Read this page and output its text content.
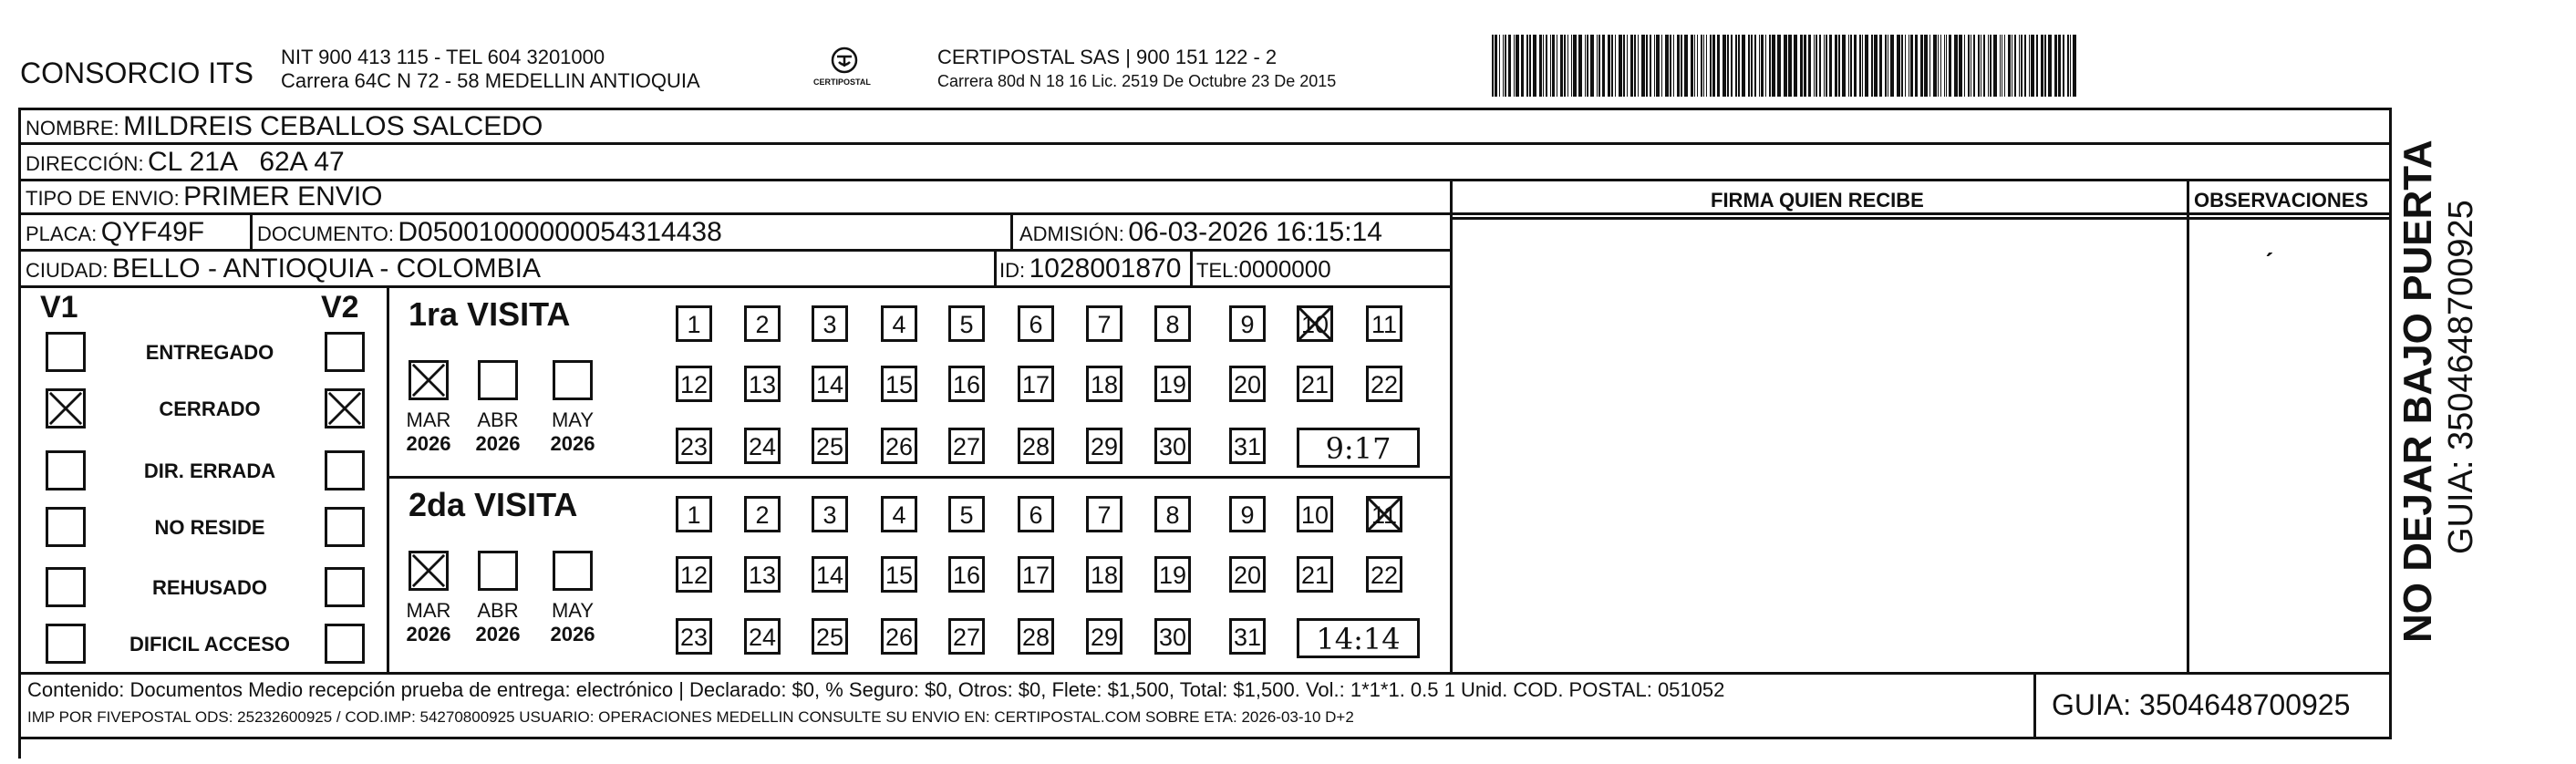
CONSORCIO ITS NIT 900 413 115 - TEL 604 3201000
Carrera 64C N 72 - 58 MEDELLIN ANTIOQUIA	CERTIPOSTAL
CERTIPOSTAL SAS | 900 151 122 - 2
Carrera 80d N 18 16 Lic. 2519 De Octubre 23 De 2015
NOMBRE: MILDREIS CEBALLOS SALCEDO
DIRECCIÓN: CL 21A   62A 47
TIPO DE ENVIO: PRIMER ENVIO
PLACA: QYF49F	DOCUMENTO: D05001000000054314438	ADMISIÓN: 06-03-2026 16:15:14
CIUDAD: BELLO - ANTIOQUIA - COLOMBIA	ID: 1028001870 TEL:0000000
FIRMA QUIEN RECIBE	OBSERVACIONES
ˏ	NO DEJAR BAJO PUERTA GUIA: 3504648700925
V1	V2
ENTREGADO
CERRADO
DIR. ERRADA
NO RESIDE
REHUSADO
DIFICIL ACCESO
1ra VISITA
MAR
2026
ABR
2026
MAY
2026
1	2	3	4	5	6	7	8	9	10 11
12 13 14 15 16 17 18 19 20 21 22
23 24 25 26 27 28 29 30 31	9:17
2da VISITA
MAR
2026
ABR
2026
MAY
2026
1	2	3	4	5	6	7	8	9	10 11
12 13 14 15 16 17 18 19 20 21 22
23 24 25 26 27 28 29 30 31	14:14
Contenido: Documentos Medio recepción prueba de entrega: electrónico | Declarado: $0, % Seguro: $0, Otros: $0, Flete: $1,500, Total: $1,500. Vol.: 1*1*1. 0.5 1 Unid. COD. POSTAL: 051052
IMP POR FIVEPOSTAL ODS: 25232600925 / COD.IMP: 54270800925 USUARIO: OPERACIONES MEDELLIN CONSULTE SU ENVIO EN: CERTIPOSTAL.COM SOBRE ETA: 2026-03-10 D+2	GUIA: 3504648700925
